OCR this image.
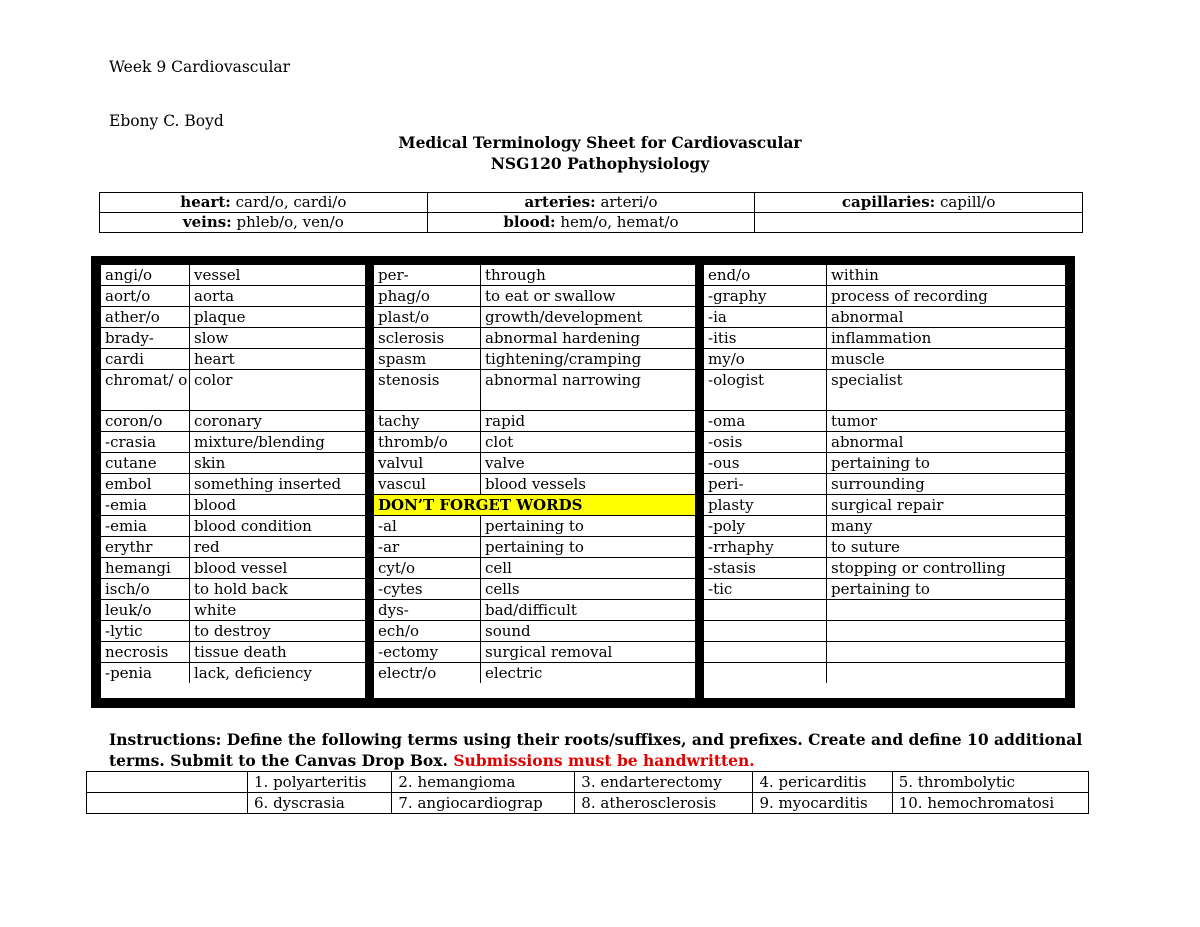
Week 9 Cardiovascular
Ebony C. Boyd
Medical Terminology Sheet for Cardiovascular
NSG120 Pathophysiology
heart: card/o, cardi/o	arteries: arteri/o	capillaries: capill/o
veins: phleb/o, ven/o	blood: hem/o, hemat/o	
angi/o	vessel
aort/o	aorta
ather/o	plaque
brady-	slow
cardi	heart
chromat/ o	color
coron/o	coronary
-crasia	mixture/blending
cutane	skin
embol	something inserted
-emia	blood
-emia	blood condition
erythr	red
hemangi	blood vessel
isch/o	to hold back
leuk/o	white
-lytic	to destroy
necrosis	tissue death
-penia	lack, deficiency
per-	through
phag/o	to eat or swallow
plast/o	growth/development
sclerosis	abnormal hardening
spasm	tightening/cramping
stenosis	abnormal narrowing
tachy	rapid
thromb/o	clot
valvul	valve
vascul	blood vessels
DON’T FORGET WORDS	
-al	pertaining to
-ar	pertaining to
cyt/o	cell
-cytes	cells
dys-	bad/difficult
ech/o	sound
-ectomy	surgical removal
electr/o	electric
end/o	within
-graphy	process of recording
-ia	abnormal
-itis	inflammation
my/o	muscle
-ologist	specialist
-oma	tumor
-osis	abnormal
-ous	pertaining to
peri-	surrounding
plasty	surgical repair
-poly	many
-rrhaphy	to suture
-stasis	stopping or controlling
-tic	pertaining to

Instructions: Define the following terms using their roots/suffixes, and prefixes. Create and define 10 additional terms. Submit to the Canvas Drop Box. Submissions must be handwritten.
	1. polyarteritis	2. hemangioma	3. endarterectomy	4. pericarditis	5. thrombolytic
	6. dyscrasia	7. angiocardiograp	8. atherosclerosis	9. myocarditis	10. hemochromatosi
